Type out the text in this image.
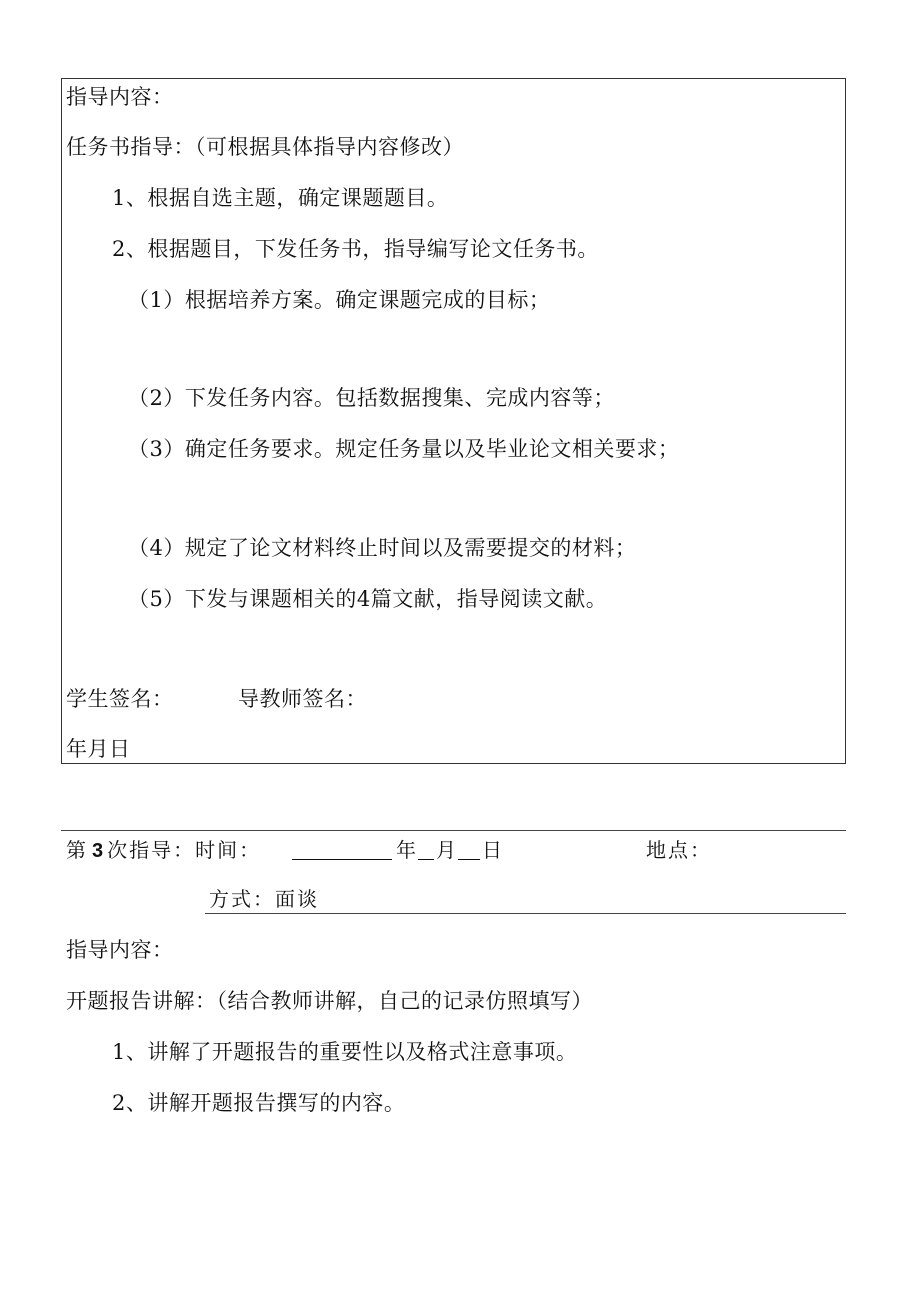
指导内容：
任务书指导：（可根据具体指导内容修改）
1、根据自选主题，确定课题题目。
2、根据题目，下发任务书，指导编写论文任务书。
（1）根据培养方案。确定课题完成的目标；
（2）下发任务内容。包括数据搜集、完成内容等；
（3）确定任务要求。规定任务量以及毕业论文相关要求；
（4）规定了论文材料终止时间以及需要提交的材料；
（5）下发与课题相关的4篇文献，指导阅读文献。
学生签名：	导教师签名：
年月日
第 3 次指导：时间：	年 月 日	地点：
方式：面谈
指导内容：
开题报告讲解：（结合教师讲解，自己的记录仿照填写）
1、讲解了开题报告的重要性以及格式注意事项。
2、讲解开题报告撰写的内容。
